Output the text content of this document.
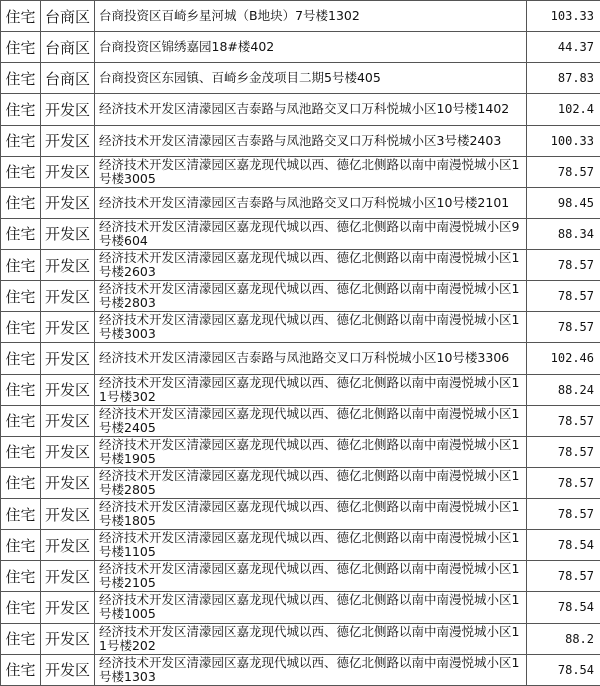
住宅	台商区	台商投资区百崎乡星河城（B地块）7号楼1302	103.33
住宅	台商区	台商投资区锦绣嘉园18#楼402	44.37
住宅	台商区	台商投资区东园镇、百崎乡金茂项目二期5号楼405	87.83
住宅	开发区	经济技术开发区清濛园区吉泰路与凤池路交叉口万科悦城小区10号楼1402	102.4
住宅	开发区	经济技术开发区清濛园区吉泰路与凤池路交叉口万科悦城小区3号楼2403	100.33
住宅	开发区	经济技术开发区清濛园区嘉龙现代城以西、德亿北侧路以南中南漫悦城小区1号楼3005	78.57
住宅	开发区	经济技术开发区清濛园区吉泰路与凤池路交叉口万科悦城小区10号楼2101	98.45
住宅	开发区	经济技术开发区清濛园区嘉龙现代城以西、德亿北侧路以南中南漫悦城小区9号楼604	88.34
住宅	开发区	经济技术开发区清濛园区嘉龙现代城以西、德亿北侧路以南中南漫悦城小区1号楼2603	78.57
住宅	开发区	经济技术开发区清濛园区嘉龙现代城以西、德亿北侧路以南中南漫悦城小区1号楼2803	78.57
住宅	开发区	经济技术开发区清濛园区嘉龙现代城以西、德亿北侧路以南中南漫悦城小区1号楼3003	78.57
住宅	开发区	经济技术开发区清濛园区吉泰路与凤池路交叉口万科悦城小区10号楼3306	102.46
住宅	开发区	经济技术开发区清濛园区嘉龙现代城以西、德亿北侧路以南中南漫悦城小区11号楼302	88.24
住宅	开发区	经济技术开发区清濛园区嘉龙现代城以西、德亿北侧路以南中南漫悦城小区1号楼2405	78.57
住宅	开发区	经济技术开发区清濛园区嘉龙现代城以西、德亿北侧路以南中南漫悦城小区1号楼1905	78.57
住宅	开发区	经济技术开发区清濛园区嘉龙现代城以西、德亿北侧路以南中南漫悦城小区1号楼2805	78.57
住宅	开发区	经济技术开发区清濛园区嘉龙现代城以西、德亿北侧路以南中南漫悦城小区1号楼1805	78.57
住宅	开发区	经济技术开发区清濛园区嘉龙现代城以西、德亿北侧路以南中南漫悦城小区1号楼1105	78.54
住宅	开发区	经济技术开发区清濛园区嘉龙现代城以西、德亿北侧路以南中南漫悦城小区1号楼2105	78.57
住宅	开发区	经济技术开发区清濛园区嘉龙现代城以西、德亿北侧路以南中南漫悦城小区1号楼1005	78.54
住宅	开发区	经济技术开发区清濛园区嘉龙现代城以西、德亿北侧路以南中南漫悦城小区11号楼202	88.2
住宅	开发区	经济技术开发区清濛园区嘉龙现代城以西、德亿北侧路以南中南漫悦城小区1号楼1303	78.54
